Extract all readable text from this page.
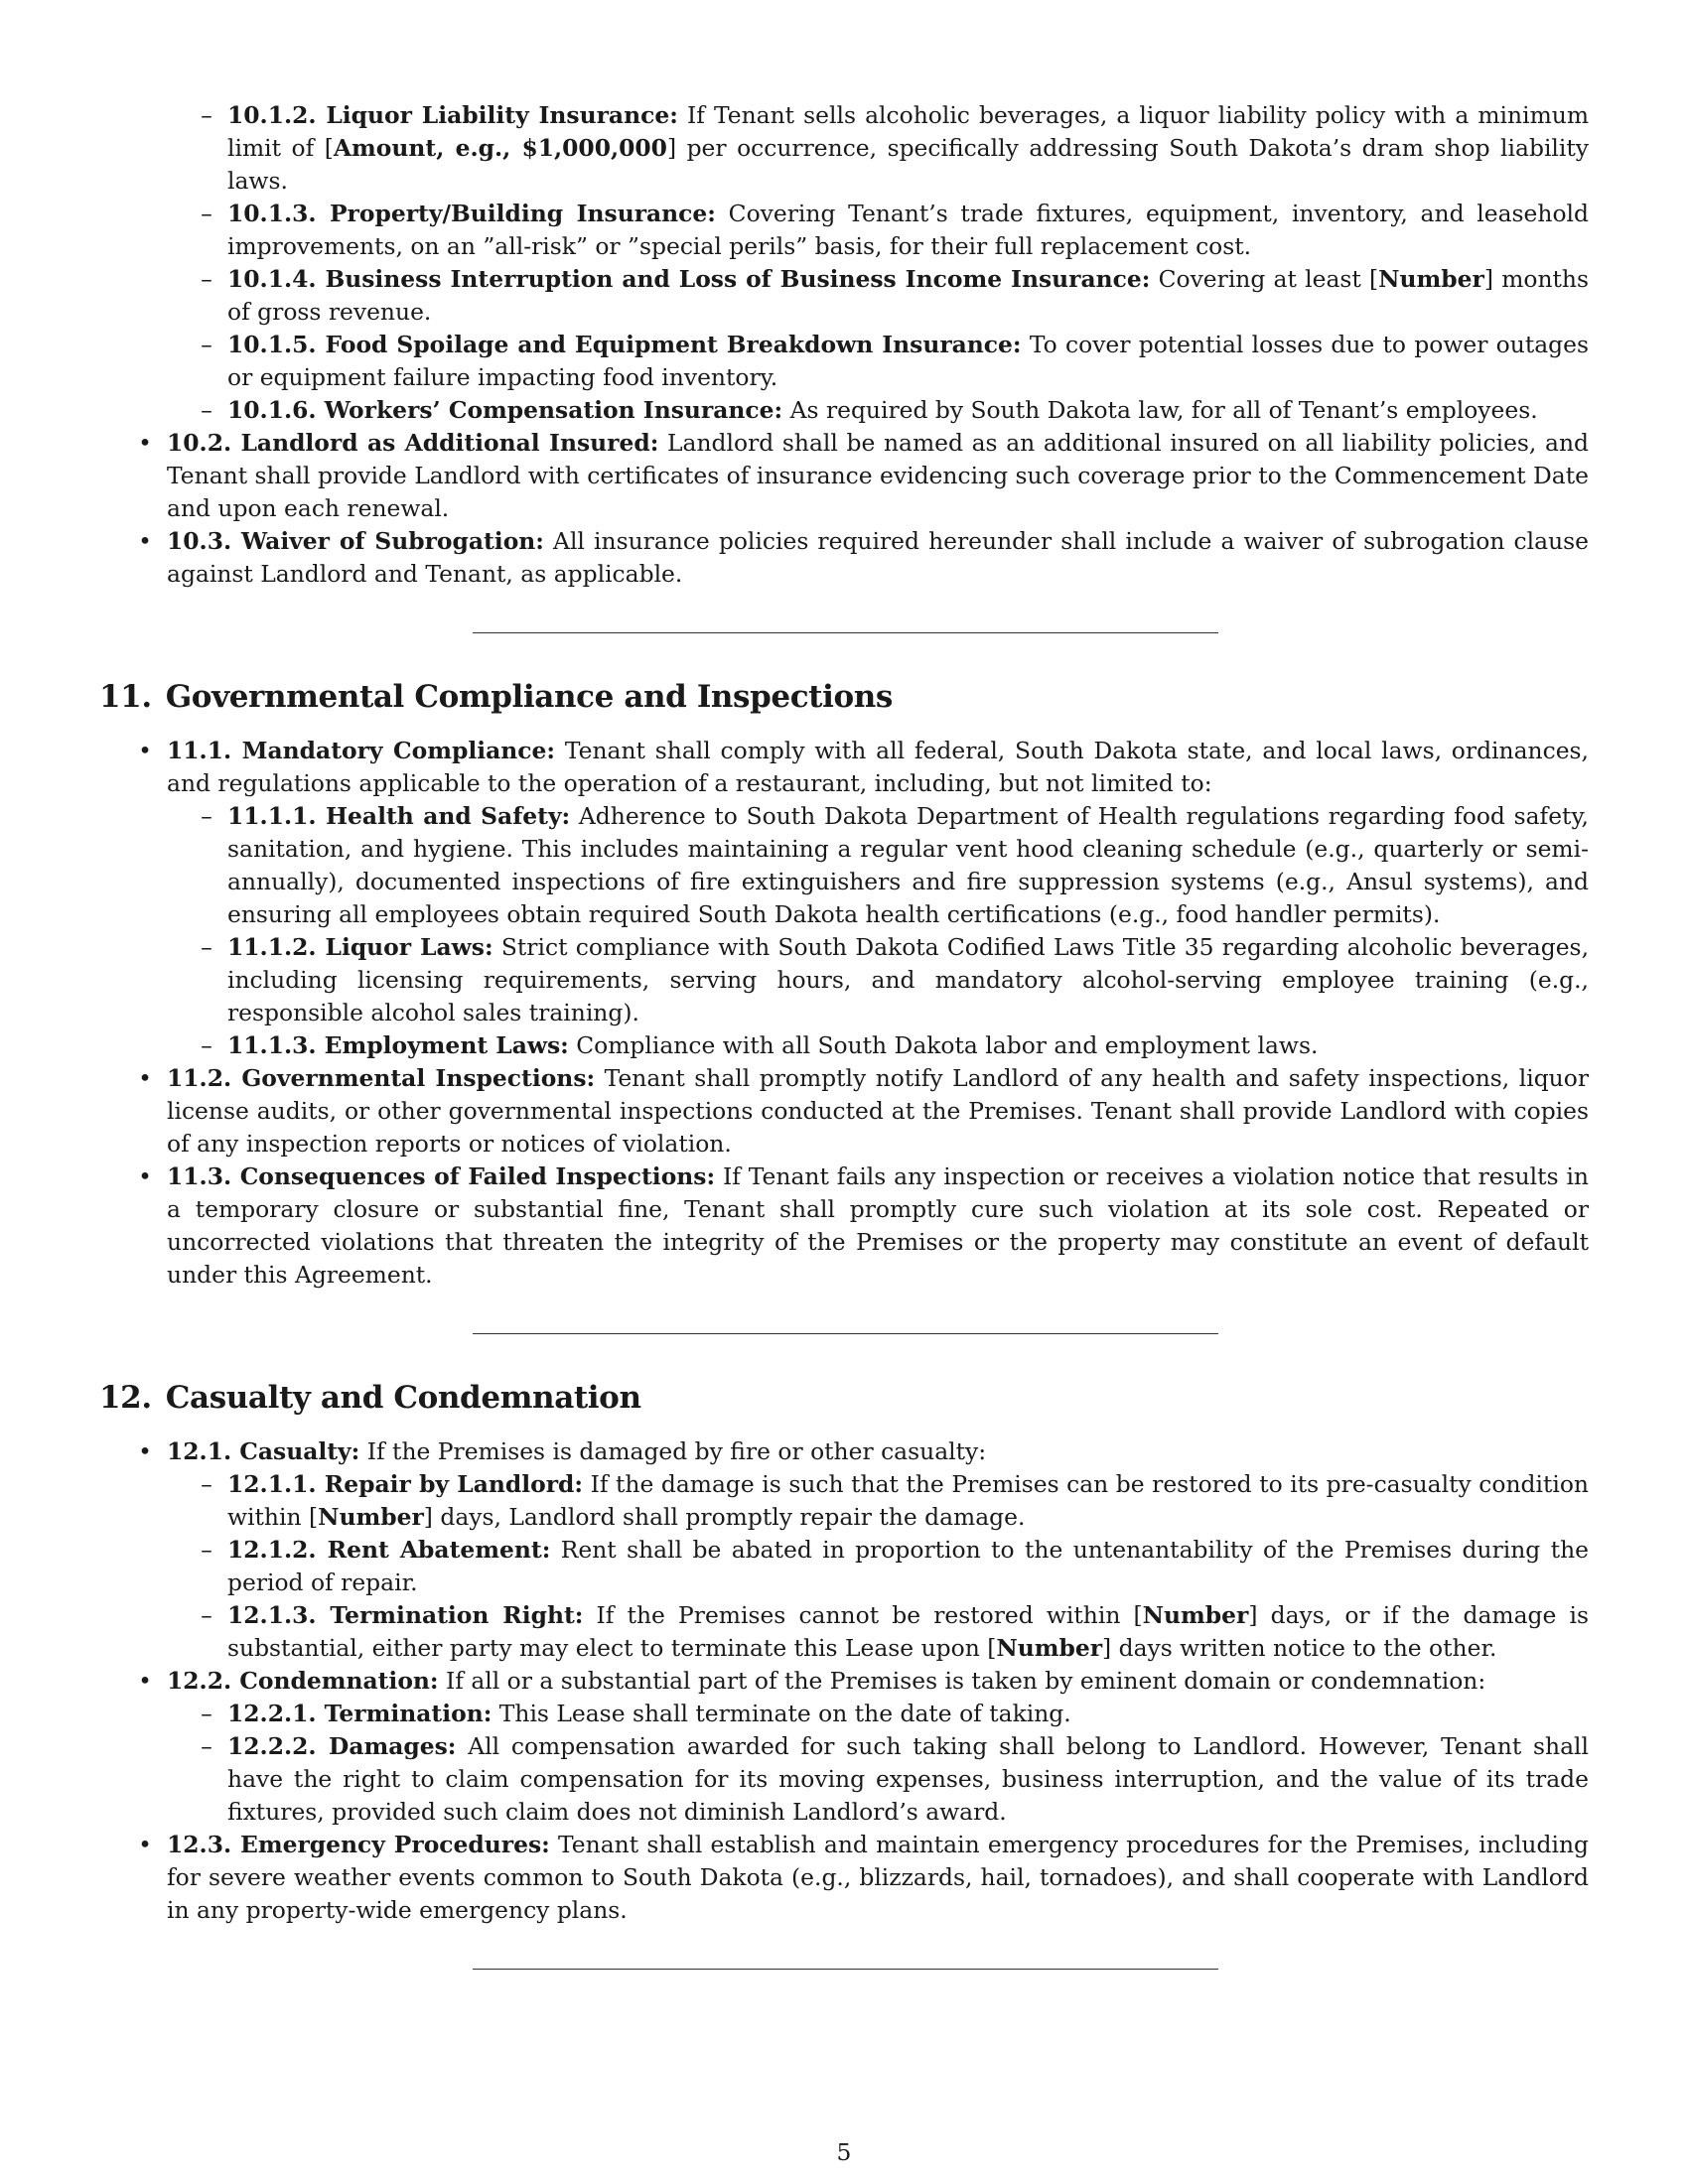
– 10.1.2. Liquor Liability Insurance: If Tenant sells alcoholic beverages, a liquor liability policy with a minimum limit of [Amount, e.g., $1,000,000] per occurrence, specifically addressing South Dakota’s dram shop liability laws.
– 10.1.3. Property/Building Insurance: Covering Tenant’s trade fixtures, equipment, inventory, and leasehold improvements, on an ”all-risk” or ”special perils” basis, for their full replacement cost.
– 10.1.4. Business Interruption and Loss of Business Income Insurance: Covering at least [Number] months of gross revenue.
– 10.1.5. Food Spoilage and Equipment Breakdown Insurance: To cover potential losses due to power outages or equipment failure impacting food inventory.
– 10.1.6. Workers’ Compensation Insurance: As required by South Dakota law, for all of Tenant’s employees.
• 10.2. Landlord as Additional Insured: Landlord shall be named as an additional insured on all liability policies, and Tenant shall provide Landlord with certificates of insurance evidencing such coverage prior to the Commencement Date and upon each renewal.
• 10.3. Waiver of Subrogation: All insurance policies required hereunder shall include a waiver of subrogation clause against Landlord and Tenant, as applicable.
11. Governmental Compliance and Inspections
• 11.1. Mandatory Compliance: Tenant shall comply with all federal, South Dakota state, and local laws, ordinances, and regulations applicable to the operation of a restaurant, including, but not limited to:
– 11.1.1. Health and Safety: Adherence to South Dakota Department of Health regulations regarding food safety, sanitation, and hygiene. This includes maintaining a regular vent hood cleaning schedule (e.g., quarterly or semi-annually), documented inspections of fire extinguishers and fire suppression systems (e.g., Ansul systems), and ensuring all employees obtain required South Dakota health certifications (e.g., food handler permits).
– 11.1.2. Liquor Laws: Strict compliance with South Dakota Codified Laws Title 35 regarding alcoholic beverages, including licensing requirements, serving hours, and mandatory alcohol-serving employee training (e.g., responsible alcohol sales training).
– 11.1.3. Employment Laws: Compliance with all South Dakota labor and employment laws.
• 11.2. Governmental Inspections: Tenant shall promptly notify Landlord of any health and safety inspections, liquor license audits, or other governmental inspections conducted at the Premises. Tenant shall provide Landlord with copies of any inspection reports or notices of violation.
• 11.3. Consequences of Failed Inspections: If Tenant fails any inspection or receives a violation notice that results in a temporary closure or substantial fine, Tenant shall promptly cure such violation at its sole cost. Repeated or uncorrected violations that threaten the integrity of the Premises or the property may constitute an event of default under this Agreement.
12. Casualty and Condemnation
• 12.1. Casualty: If the Premises is damaged by fire or other casualty:
– 12.1.1. Repair by Landlord: If the damage is such that the Premises can be restored to its pre-casualty condition within [Number] days, Landlord shall promptly repair the damage.
– 12.1.2. Rent Abatement: Rent shall be abated in proportion to the untenantability of the Premises during the period of repair.
– 12.1.3. Termination Right: If the Premises cannot be restored within [Number] days, or if the damage is substantial, either party may elect to terminate this Lease upon [Number] days written notice to the other.
• 12.2. Condemnation: If all or a substantial part of the Premises is taken by eminent domain or condemnation:
– 12.2.1. Termination: This Lease shall terminate on the date of taking.
– 12.2.2. Damages: All compensation awarded for such taking shall belong to Landlord. However, Tenant shall have the right to claim compensation for its moving expenses, business interruption, and the value of its trade fixtures, provided such claim does not diminish Landlord’s award.
• 12.3. Emergency Procedures: Tenant shall establish and maintain emergency procedures for the Premises, including for severe weather events common to South Dakota (e.g., blizzards, hail, tornadoes), and shall cooperate with Landlord in any property-wide emergency plans.
5
